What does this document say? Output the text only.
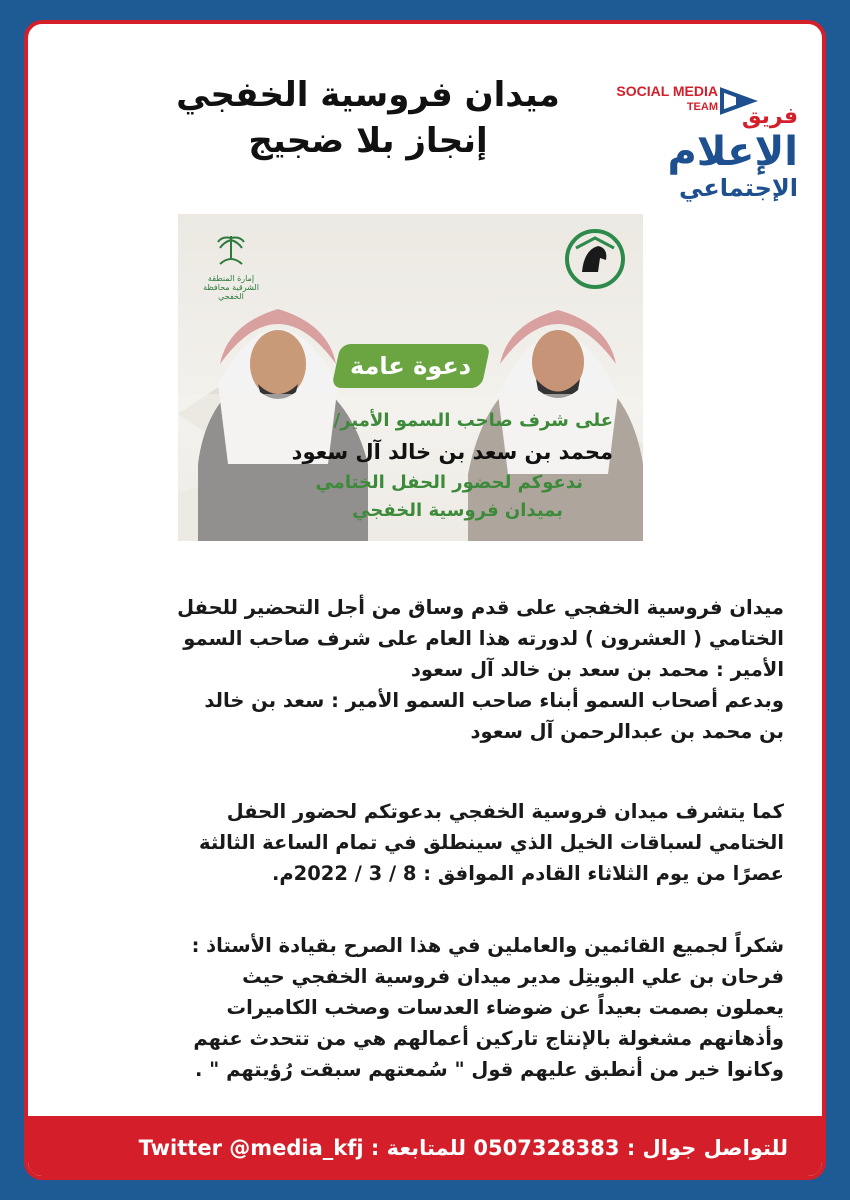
ميدان فروسية الخفجي
إنجاز بلا ضجيج
SOCIAL MEDIA
TEAM	فريق
الإعلام
الإجتماعي
إمارة المنطقة الشرقية محافظة الخفجي
دعوة عامة
على شرف صاحب السمو الأمير/
محمد بن سعد بن خالد آل سعود
ندعوكم لحضور الحفل الختامي
بميدان فروسية الخفجي
ميدان فروسية الخفجي على قدم وساق من أجل التحضير للحفل
الختامي ( العشرون ) لدورته هذا العام على شرف صاحب السمو
الأمير : محمد بن سعد بن خالد آل سعود
وبدعم أصحاب السمو أبناء صاحب السمو الأمير : سعد بن خالد
بن محمد بن عبدالرحمن آل سعود
كما يتشرف ميدان فروسية الخفجي بدعوتكم لحضور الحفل
الختامي لسباقات الخيل الذي سينطلق في تمام الساعة الثالثة
عصرًا من يوم الثلاثاء القادم الموافق : 8 / 3 / 2022م.
شكراً لجميع القائمين والعاملين في هذا الصرح بقيادة الأستاذ :
فرحان بن علي البويتِل مدير ميدان فروسية الخفجي حيث
يعملون بصمت بعيداً عن ضوضاء العدسات وصخب الكاميرات
وأذهانهم مشغولة بالإنتاج تاركين أعمالهم هي من تتحدث عنهم
وكانوا خير من أنطبق عليهم قول " سُمعتهم سبقت رُؤيتهم " .
للتواصل جوال : 0507328383 للمتابعة : Twitter @media_kfj
